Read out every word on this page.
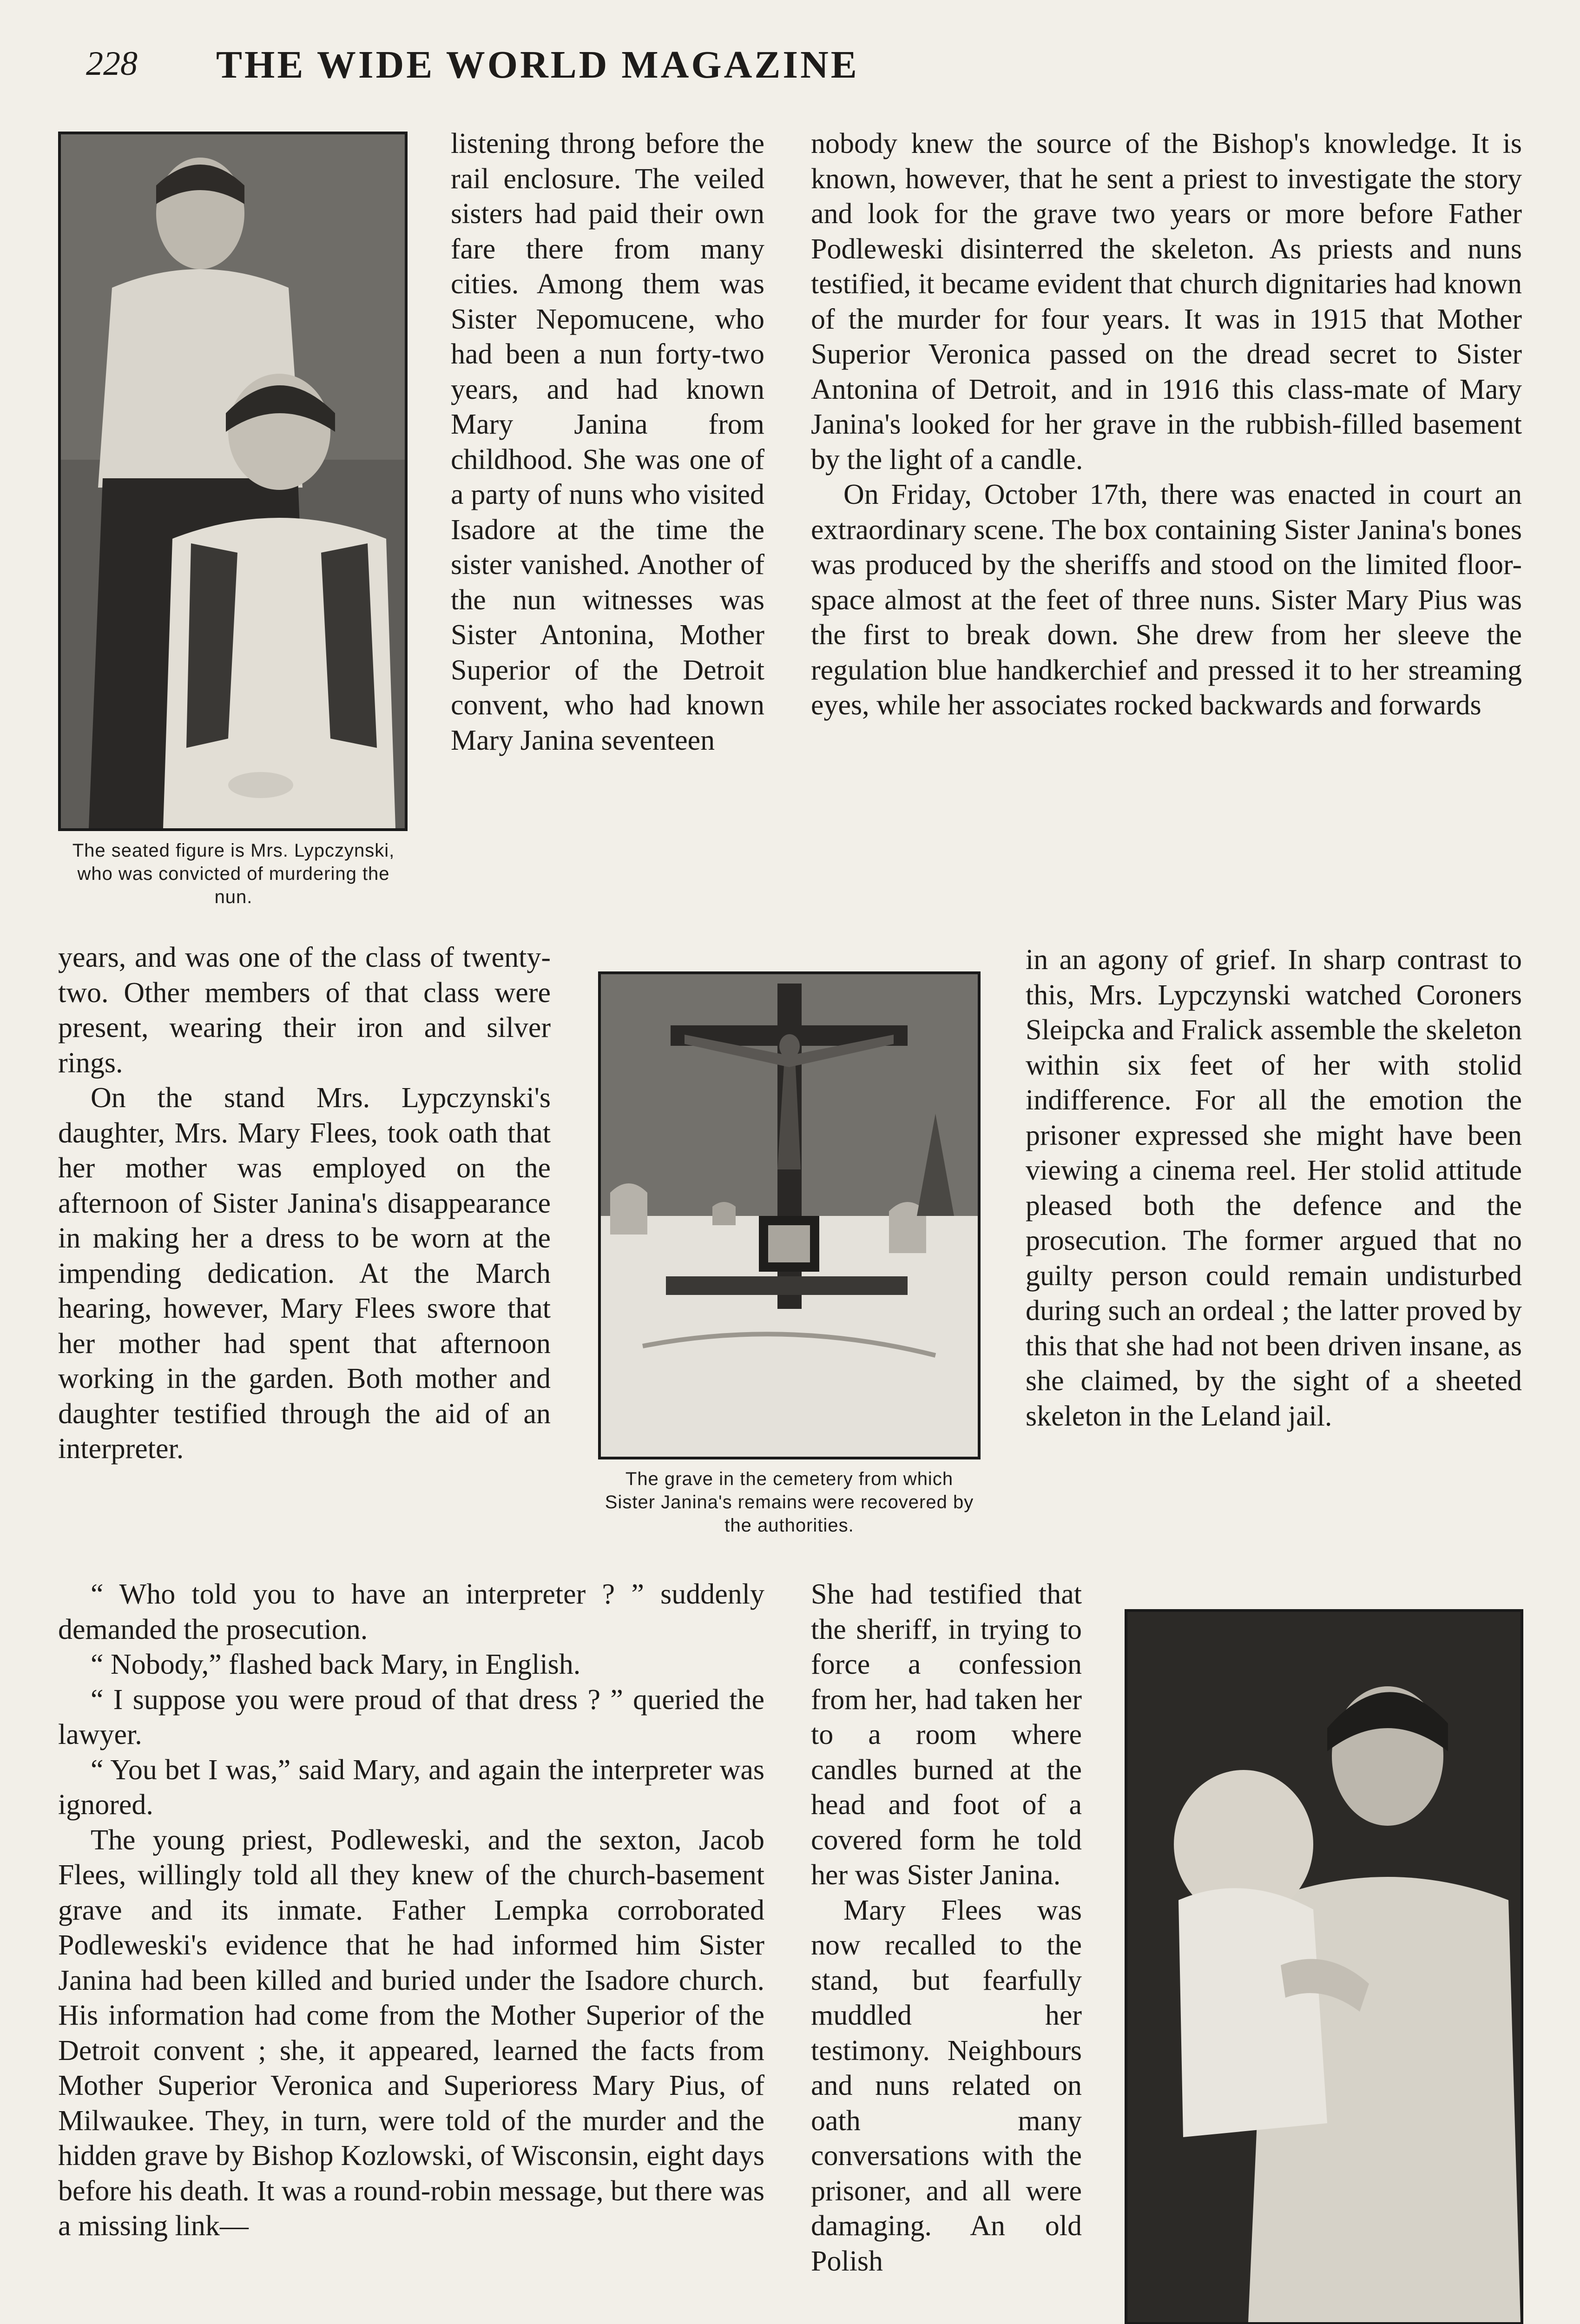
228 THE WIDE WORLD MAGAZINE
The seated figure is Mrs. Lypczynski, who was convicted of murdering the nun.

listening throng before the rail enclosure. The veiled sisters had paid their own fare there from many cities. Among them was Sister Nepomucene, who had been a nun forty-two years, and had known Mary Janina from childhood. She was one of a party of nuns who visited Isadore at the time the sister vanished. Another of the nun witnesses was Sister Antonina, Mother Superior of the Detroit convent, who had known Mary Janina seventeen

years, and was one of the class of twenty-two. Other members of that class were present, wearing their iron and silver rings.

On the stand Mrs. Lypczynski's daughter, Mrs. Mary Flees, took oath that her mother was employed on the afternoon of Sister Janina's disappearance in making her a dress to be worn at the impending dedication. At the March hearing, however, Mary Flees swore that her mother had spent that afternoon working in the garden. Both mother and daughter testified through the aid of an interpreter.

“ Who told you to have an interpreter ? ” suddenly demanded the prosecution.

“ Nobody,” flashed back Mary, in English.

“ I suppose you were proud of that dress ? ” queried the lawyer.

“ You bet I was,” said Mary, and again the interpreter was ignored.

The young priest, Podleweski, and the sexton, Jacob Flees, willingly told all they knew of the church-basement grave and its inmate. Father Lempka corroborated Podleweski's evidence that he had informed him Sister Janina had been killed and buried under the Isadore church. His information had come from the Mother Superior of the Detroit convent ; she, it appeared, learned the facts from Mother Superior Veronica and Superioress Mary Pius, of Milwaukee. They, in turn, were told of the murder and the hidden grave by Bishop Kozlowski, of Wisconsin, eight days before his death. It was a round-robin message, but there was a missing link—

nobody knew the source of the Bishop's knowledge. It is known, however, that he sent a priest to investigate the story and look for the grave two years or more before Father Podleweski disinterred the skeleton. As priests and nuns testified, it became evident that church dignitaries had known of the murder for four years. It was in 1915 that Mother Superior Veronica passed on the dread secret to Sister Antonina of Detroit, and in 1916 this class-mate of Mary Janina's looked for her grave in the rubbish-filled basement by the light of a candle.

On Friday, October 17th, there was enacted in court an extraordinary scene. The box containing Sister Janina's bones was produced by the sheriffs and stood on the limited floor-space almost at the feet of three nuns. Sister Mary Pius was the first to break down. She drew from her sleeve the regulation blue handkerchief and pressed it to her streaming eyes, while her associates rocked backwards and forwards

The grave in the cemetery from which Sister Janina's remains were recovered by the authorities.

in an agony of grief. In sharp contrast to this, Mrs. Lypczynski watched Coroners Sleipcka and Fralick assemble the skeleton within six feet of her with stolid indifference. For all the emotion the prisoner expressed she might have been viewing a cinema reel. Her stolid attitude pleased both the defence and the prosecution. The former argued that no guilty person could remain undisturbed during such an ordeal ; the latter proved by this that she had not been driven insane, as she claimed, by the sight of a sheeted skeleton in the Leland jail.

She had testified that the sheriff, in trying to force a confession from her, had taken her to a room where candles burned at the head and foot of a covered form he told her was Sister Janina.

Mary Flees was now recalled to the stand, but fearfully muddled her testimony. Neighbours and nuns related on oath many conversations with the prisoner, and all were damaging. An old Polish
